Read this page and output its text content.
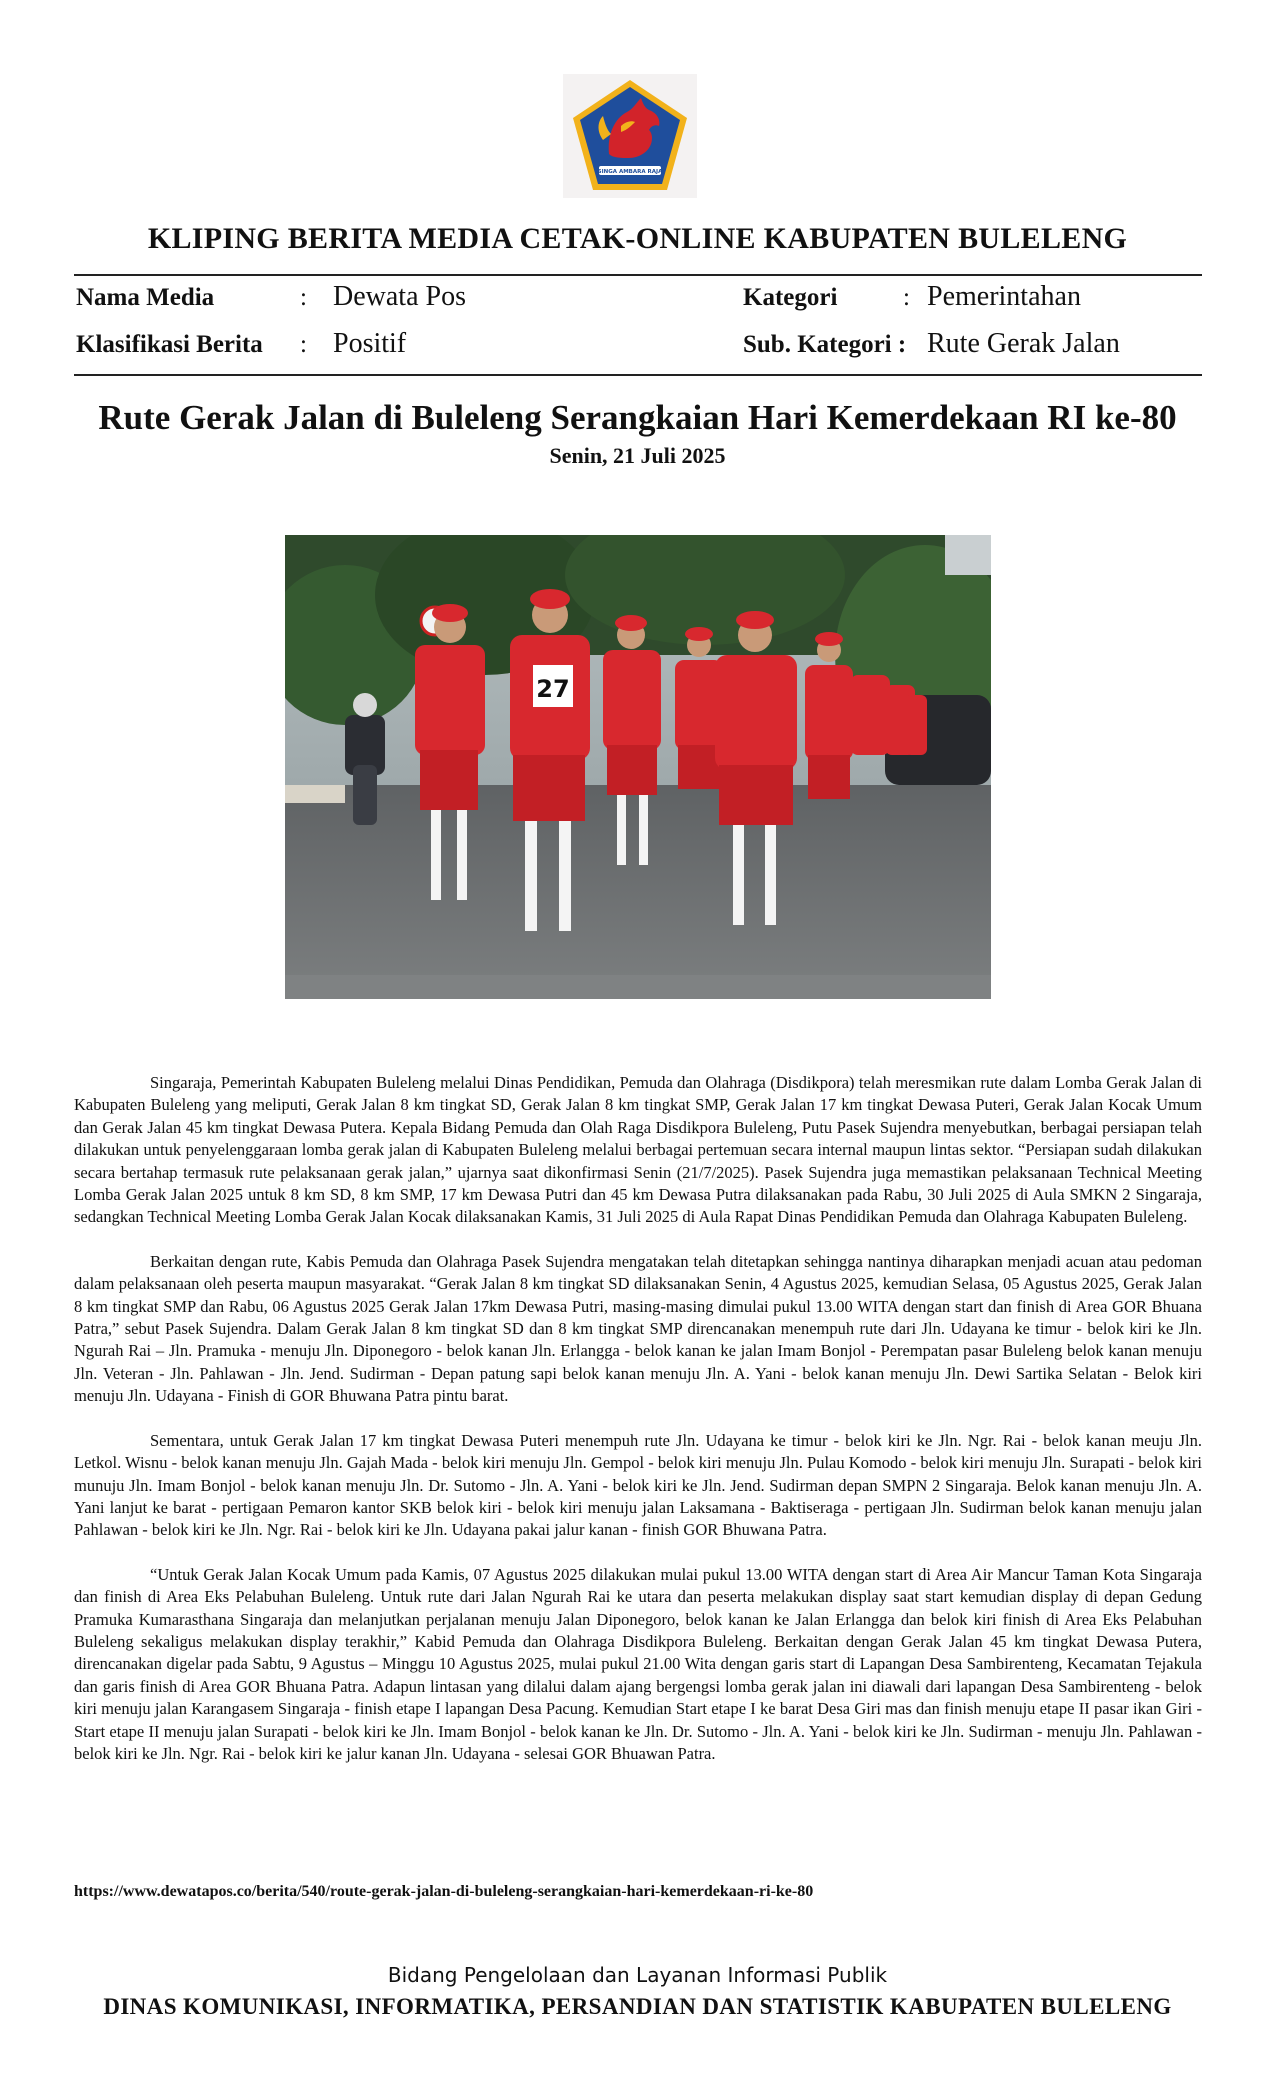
SINGA AMBARA RAJA
KLIPING BERITA MEDIA CETAK-ONLINE KABUPATEN BULELENG
Nama Media	: Dewata Pos
Klasifikasi Berita : Positif
Kategori	: Pemerintahan
Sub. Kategori : Rute Gerak Jalan
Rute Gerak Jalan di Buleleng Serangkaian Hari Kemerdekaan RI ke-80
Senin, 21 Juli 2025
27

Singaraja, Pemerintah Kabupaten Buleleng melalui Dinas Pendidikan, Pemuda dan Olahraga (Disdikpora) telah meresmikan rute dalam Lomba Gerak Jalan di Kabupaten Buleleng yang meliputi, Gerak Jalan 8 km tingkat SD, Gerak Jalan 8 km tingkat SMP, Gerak Jalan 17 km tingkat Dewasa Puteri, Gerak Jalan Kocak Umum dan Gerak Jalan 45 km tingkat Dewasa Putera. Kepala Bidang Pemuda dan Olah Raga Disdikpora Buleleng, Putu Pasek Sujendra menyebutkan, berbagai persiapan telah dilakukan untuk penyelenggaraan lomba gerak jalan di Kabupaten Buleleng melalui berbagai pertemuan secara internal maupun lintas sektor. “Persiapan sudah dilakukan secara bertahap termasuk rute pelaksanaan gerak jalan,” ujarnya saat dikonfirmasi Senin (21/7/2025). Pasek Sujendra juga memastikan pelaksanaan Technical Meeting Lomba Gerak Jalan 2025 untuk 8 km SD, 8 km SMP, 17 km Dewasa Putri dan 45 km Dewasa Putra dilaksanakan pada Rabu, 30 Juli 2025 di Aula SMKN 2 Singaraja, sedangkan Technical Meeting Lomba Gerak Jalan Kocak dilaksanakan Kamis, 31 Juli 2025 di Aula Rapat Dinas Pendidikan Pemuda dan Olahraga Kabupaten Buleleng.

Berkaitan dengan rute, Kabis Pemuda dan Olahraga Pasek Sujendra mengatakan telah ditetapkan sehingga nantinya diharapkan menjadi acuan atau pedoman dalam pelaksanaan oleh peserta maupun masyarakat. “Gerak Jalan 8 km tingkat SD dilaksanakan Senin, 4 Agustus 2025, kemudian Selasa, 05 Agustus 2025, Gerak Jalan 8 km tingkat SMP dan Rabu, 06 Agustus 2025 Gerak Jalan 17km Dewasa Putri, masing-masing dimulai pukul 13.00 WITA dengan start dan finish di Area GOR Bhuana Patra,” sebut Pasek Sujendra. Dalam Gerak Jalan 8 km tingkat SD dan 8 km tingkat SMP direncanakan menempuh rute dari Jln. Udayana ke timur - belok kiri ke Jln. Ngurah Rai – Jln. Pramuka - menuju Jln. Diponegoro - belok kanan Jln. Erlangga - belok kanan ke jalan Imam Bonjol - Perempatan pasar Buleleng belok kanan menuju Jln. Veteran - Jln. Pahlawan - Jln. Jend. Sudirman - Depan patung sapi belok kanan menuju Jln. A. Yani - belok kanan menuju Jln. Dewi Sartika Selatan - Belok kiri menuju Jln. Udayana - Finish di GOR Bhuwana Patra pintu barat.

Sementara, untuk Gerak Jalan 17 km tingkat Dewasa Puteri menempuh rute Jln. Udayana ke timur - belok kiri ke Jln. Ngr. Rai - belok kanan meuju Jln. Letkol. Wisnu - belok kanan menuju Jln. Gajah Mada - belok kiri menuju Jln. Gempol - belok kiri menuju Jln. Pulau Komodo - belok kiri menuju Jln. Surapati - belok kiri munuju Jln. Imam Bonjol - belok kanan menuju Jln. Dr. Sutomo - Jln. A. Yani - belok kiri ke Jln. Jend. Sudirman depan SMPN 2 Singaraja. Belok kanan menuju Jln. A. Yani lanjut ke barat - pertigaan Pemaron kantor SKB belok kiri - belok kiri menuju jalan Laksamana - Baktiseraga - pertigaan Jln. Sudirman belok kanan menuju jalan Pahlawan - belok kiri ke Jln. Ngr. Rai - belok kiri ke Jln. Udayana pakai jalur kanan - finish GOR Bhuwana Patra.

“Untuk Gerak Jalan Kocak Umum pada Kamis, 07 Agustus 2025 dilakukan mulai pukul 13.00 WITA dengan start di Area Air Mancur Taman Kota Singaraja dan finish di Area Eks Pelabuhan Buleleng. Untuk rute dari Jalan Ngurah Rai ke utara dan peserta melakukan display saat start kemudian display di depan Gedung Pramuka Kumarasthana Singaraja dan melanjutkan perjalanan menuju Jalan Diponegoro, belok kanan ke Jalan Erlangga dan belok kiri finish di Area Eks Pelabuhan Buleleng sekaligus melakukan display terakhir,” Kabid Pemuda dan Olahraga Disdikpora Buleleng. Berkaitan dengan Gerak Jalan 45 km tingkat Dewasa Putera, direncanakan digelar pada Sabtu, 9 Agustus – Minggu 10 Agustus 2025, mulai pukul 21.00 Wita dengan garis start di Lapangan Desa Sambirenteng, Kecamatan Tejakula dan garis finish di Area GOR Bhuana Patra. Adapun lintasan yang dilalui dalam ajang bergengsi lomba gerak jalan ini diawali dari lapangan Desa Sambirenteng - belok kiri menuju jalan Karangasem Singaraja - finish etape I lapangan Desa Pacung. Kemudian Start etape I ke barat Desa Giri mas dan finish menuju etape II pasar ikan Giri - Start etape II menuju jalan Surapati - belok kiri ke Jln. Imam Bonjol - belok kanan ke Jln. Dr. Sutomo - Jln. A. Yani - belok kiri ke Jln. Sudirman - menuju Jln. Pahlawan - belok kiri ke Jln. Ngr. Rai - belok kiri ke jalur kanan Jln. Udayana - selesai GOR Bhuawan Patra.

https://www.dewatapos.co/berita/540/route-gerak-jalan-di-buleleng-serangkaian-hari-kemerdekaan-ri-ke-80
Bidang Pengelolaan dan Layanan Informasi Publik
DINAS KOMUNIKASI, INFORMATIKA, PERSANDIAN DAN STATISTIK KABUPATEN BULELENG
